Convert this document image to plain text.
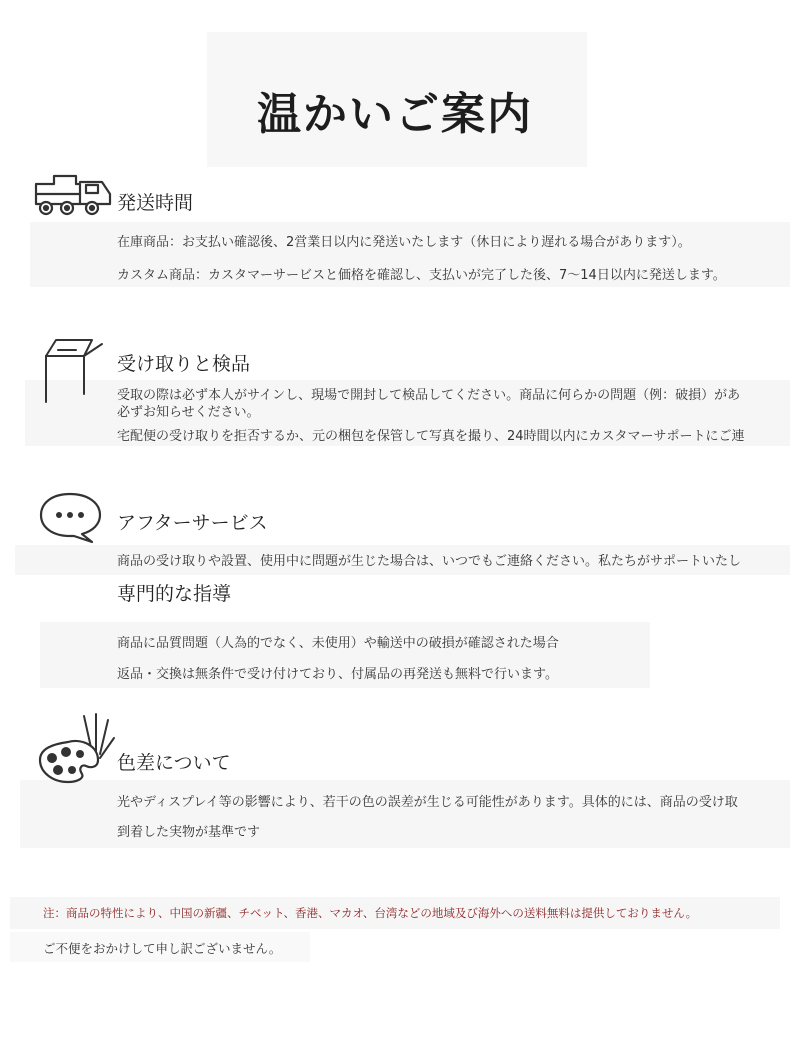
温かいご案内
発送時間
在庫商品：お支払い確認後、2営業日以内に発送いたします（休日により遅れる場合があります）。
カスタム商品：カスタマーサービスと価格を確認し、支払いが完了した後、7〜14日以内に発送します。
受け取りと検品
受取の際は必ず本人がサインし、現場で開封して検品してください。商品に何らかの問題（例：破損）があ
必ずお知らせください。
宅配便の受け取りを拒否するか、元の梱包を保管して写真を撮り、24時間以内にカスタマーサポートにご連
アフターサービス
商品の受け取りや設置、使用中に問題が生じた場合は、いつでもご連絡ください。私たちがサポートいたし
専門的な指導
商品に品質問題（人為的でなく、未使用）や輸送中の破損が確認された場合
返品・交換は無条件で受け付けており、付属品の再発送も無料で行います。
色差について
光やディスプレイ等の影響により、若干の色の誤差が生じる可能性があります。具体的には、商品の受け取
到着した実物が基準です
注：商品の特性により、中国の新疆、チベット、香港、マカオ、台湾などの地域及び海外への送料無料は提供しておりません。
ご不便をおかけして申し訳ございません。
